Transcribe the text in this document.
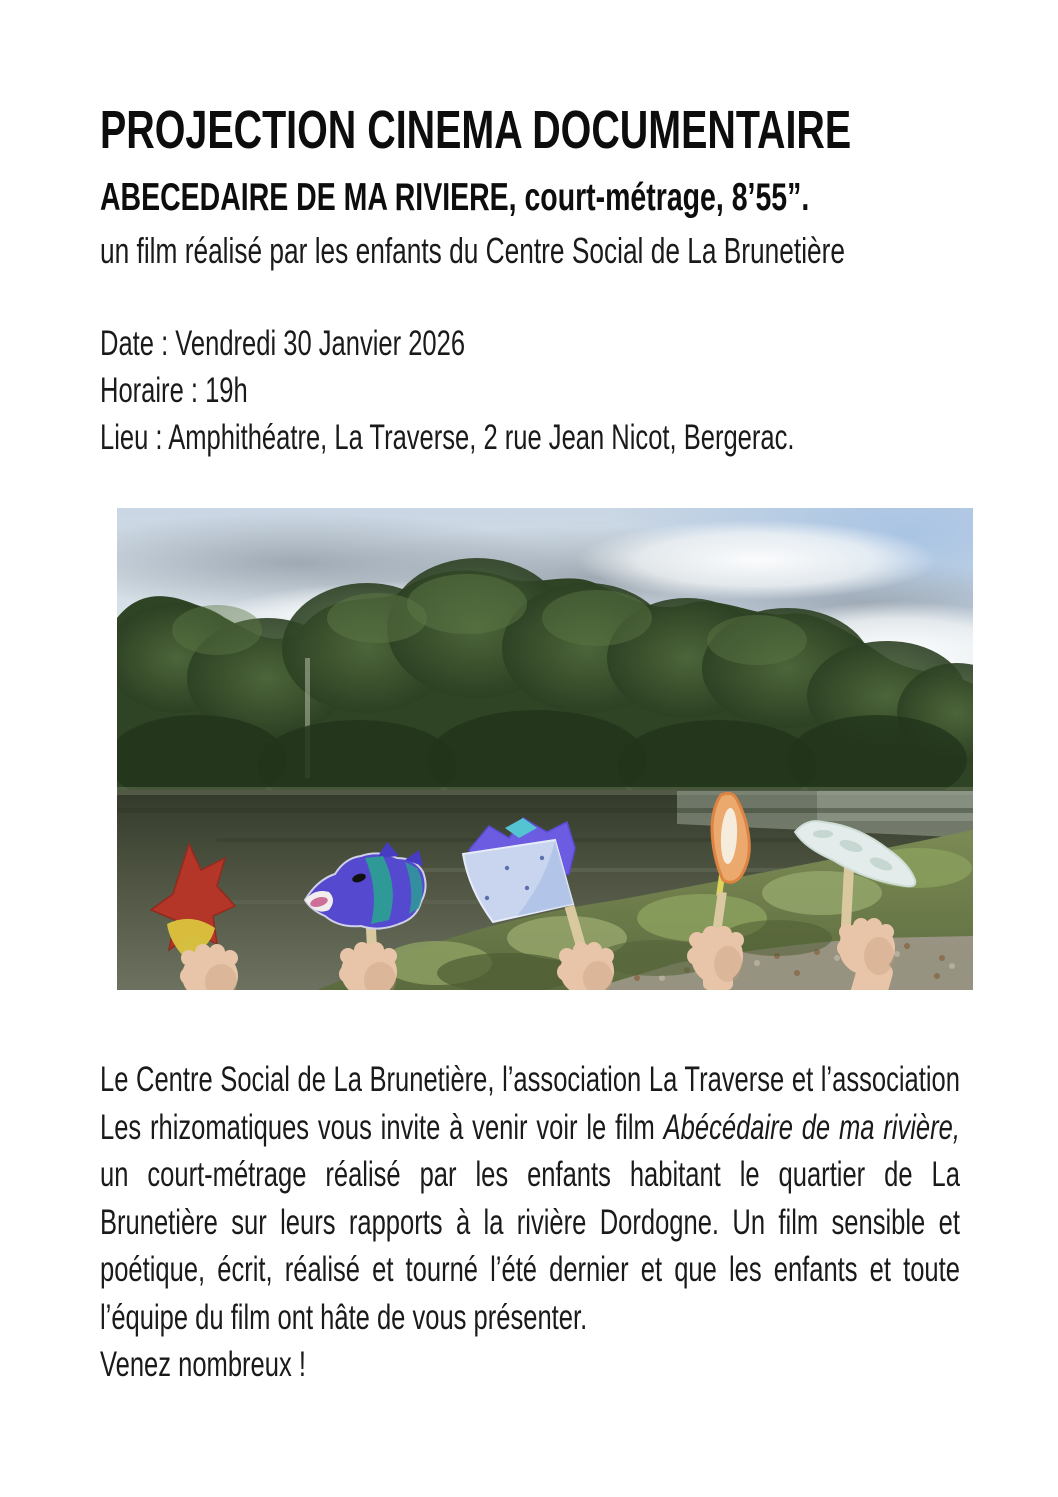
PROJECTION CINEMA DOCUMENTAIRE
ABECEDAIRE DE MA RIVIERE, court-métrage, 8’55”.

un film réalisé par les enfants du Centre Social de La Brunetière

Date : Vendredi 30 Janvier 2026

Horaire : 19h

Lieu : Amphithéatre, La Traverse, 2 rue Jean Nicot, Bergerac.

Le Centre Social de La Brunetière, l’association La Traverse et l’association Les rhizomatiques vous invite à venir voir le film Abécédaire de ma rivière, un court-métrage réalisé par les enfants habitant le quartier de La Brunetière sur leurs rapports à la rivière Dordogne. Un film sensible et poétique, écrit, réalisé et tourné l’été dernier et que les enfants et toute l’équipe du film ont hâte de vous présenter.

Venez nombreux !
